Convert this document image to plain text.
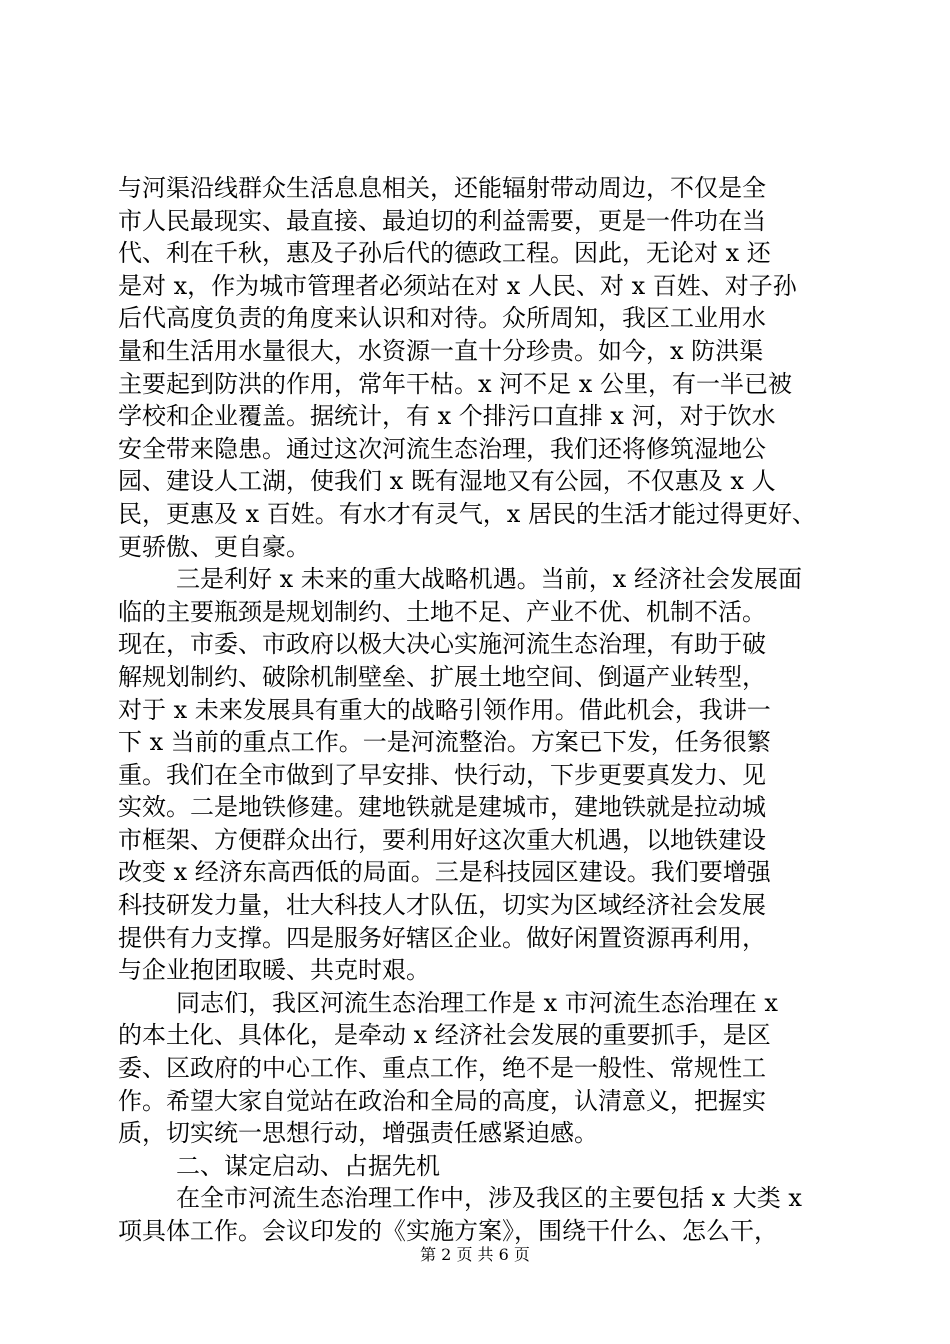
与河渠沿线群众生活息息相关，还能辐射带动周边，不仅是全
市人民最现实、最直接、最迫切的利益需要，更是一件功在当
代、利在千秋，惠及子孙后代的德政工程。因此，无论对 x 还
是对 x，作为城市管理者必须站在对 x 人民、对 x 百姓、对子孙
后代高度负责的角度来认识和对待。众所周知，我区工业用水
量和生活用水量很大，水资源一直十分珍贵。如今，x 防洪渠
主要起到防洪的作用，常年干枯。x 河不足 x 公里，有一半已被
学校和企业覆盖。据统计，有 x 个排污口直排 x 河，对于饮水
安全带来隐患。通过这次河流生态治理，我们还将修筑湿地公
园、建设人工湖，使我们 x 既有湿地又有公园，不仅惠及 x 人
民，更惠及 x 百姓。有水才有灵气，x 居民的生活才能过得更好、
更骄傲、更自豪。
三是利好 x 未来的重大战略机遇。当前，x 经济社会发展面
临的主要瓶颈是规划制约、土地不足、产业不优、机制不活。
现在，市委、市政府以极大决心实施河流生态治理，有助于破
解规划制约、破除机制壁垒、扩展土地空间、倒逼产业转型，
对于 x 未来发展具有重大的战略引领作用。借此机会，我讲一
下 x 当前的重点工作。一是河流整治。方案已下发，任务很繁
重。我们在全市做到了早安排、快行动，下步更要真发力、见
实效。二是地铁修建。建地铁就是建城市，建地铁就是拉动城
市框架、方便群众出行，要利用好这次重大机遇，以地铁建设
改变 x 经济东高西低的局面。三是科技园区建设。我们要增强
科技研发力量，壮大科技人才队伍，切实为区域经济社会发展
提供有力支撑。四是服务好辖区企业。做好闲置资源再利用，
与企业抱团取暖、共克时艰。
同志们，我区河流生态治理工作是 x 市河流生态治理在 x
的本土化、具体化，是牵动 x 经济社会发展的重要抓手，是区
委、区政府的中心工作、重点工作，绝不是一般性、常规性工
作。希望大家自觉站在政治和全局的高度，认清意义，把握实
质，切实统一思想行动，增强责任感紧迫感。
二、谋定启动、占据先机
在全市河流生态治理工作中，涉及我区的主要包括 x 大类 x
项具体工作。会议印发的《实施方案》，围绕干什么、怎么干，
第 2 页 共 6 页
